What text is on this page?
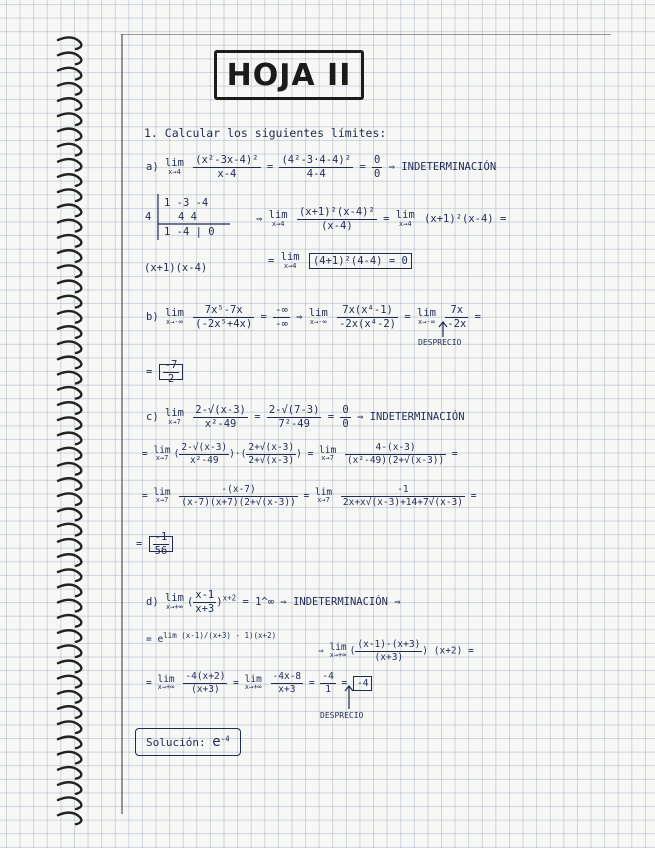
HOJA II
1. Calcular los siguientes límites:
a) lim
x→4
	$\frac{\text{(x²-3x-4)²}}{x-4} = \frac{\text{(4²-3·4-4)²}}{4-4} = \frac{0}{0}$ ⇒ INDETERMINACIÓN
1 -3 -4
4	4 4
1 -4 | 0
(x+1)(x-4)
⇒ lim
x→4
	$\frac{\text{(x+1)²(x-4)²}}{(x-4)} = \lim$
x→4	(x+1)²(x-4) =
= lim
x→4	(4+1)²(4-4) = 0
b) lim
x→-∞
$\frac{\text{7x⁵-7x}}{\text{(-2x⁵+4x)}} = \frac{-\infty}{-\infty}$ ⇒ lim
x→-∞
$\frac{\text{7x(x⁴-1)}}{\text{-2x(x⁴-2)}} = \lim$
x→-∞
$\frac{7x}{-2x}$ =
DESPRECIO
= $\frac{-7}{2}$
c) lim
x→7
	$\frac{2-√(x-3)}{\text{x²-49}} = \frac{2-√(7-3)}{\text{7²-49}} = \frac{0}{0}$ ⇒ INDETERMINACIÓN
= lim
x→7 ( $\frac{2-√(x-3)}{\text{x²-49}}$ )·( $\frac{2+√(x-3)}{2+√(x-3)}$ ) = lim
x→7
$\frac{4-(x-3)}{\text{(x²-49)(2+√(x-3))}}$ =
= lim
x→7
$\frac{-(x-7)}{(x-7)(x+7)(2+√(x-3))} = \lim$
x→7
$\frac{-1}{2x+x√(x-3)+14+7√(x-3)}$ =
= $\frac{-1}{56}$
d) lim
x→+∞ ( $\frac{x-1}{x+3} )^{x+2}$ = 1^∞ ⇒ INDETERMINACIÓN ⇒
= $e^{lim (x-1)/(x+3) - 1)(x+2)}$
⇒ lim
x→+∞ ( $\frac{(x-1)-(x+3)}{(x+3)}$ ) (x+2) =
= lim
x→+∞
$\frac{-4(x+2)}{(x+3)} = \lim$
x→+∞
$\frac{-4x-8}{x+3} = \frac{-4}{1} = -4$
DESPRECIO
Solución: $e^{-4}$
